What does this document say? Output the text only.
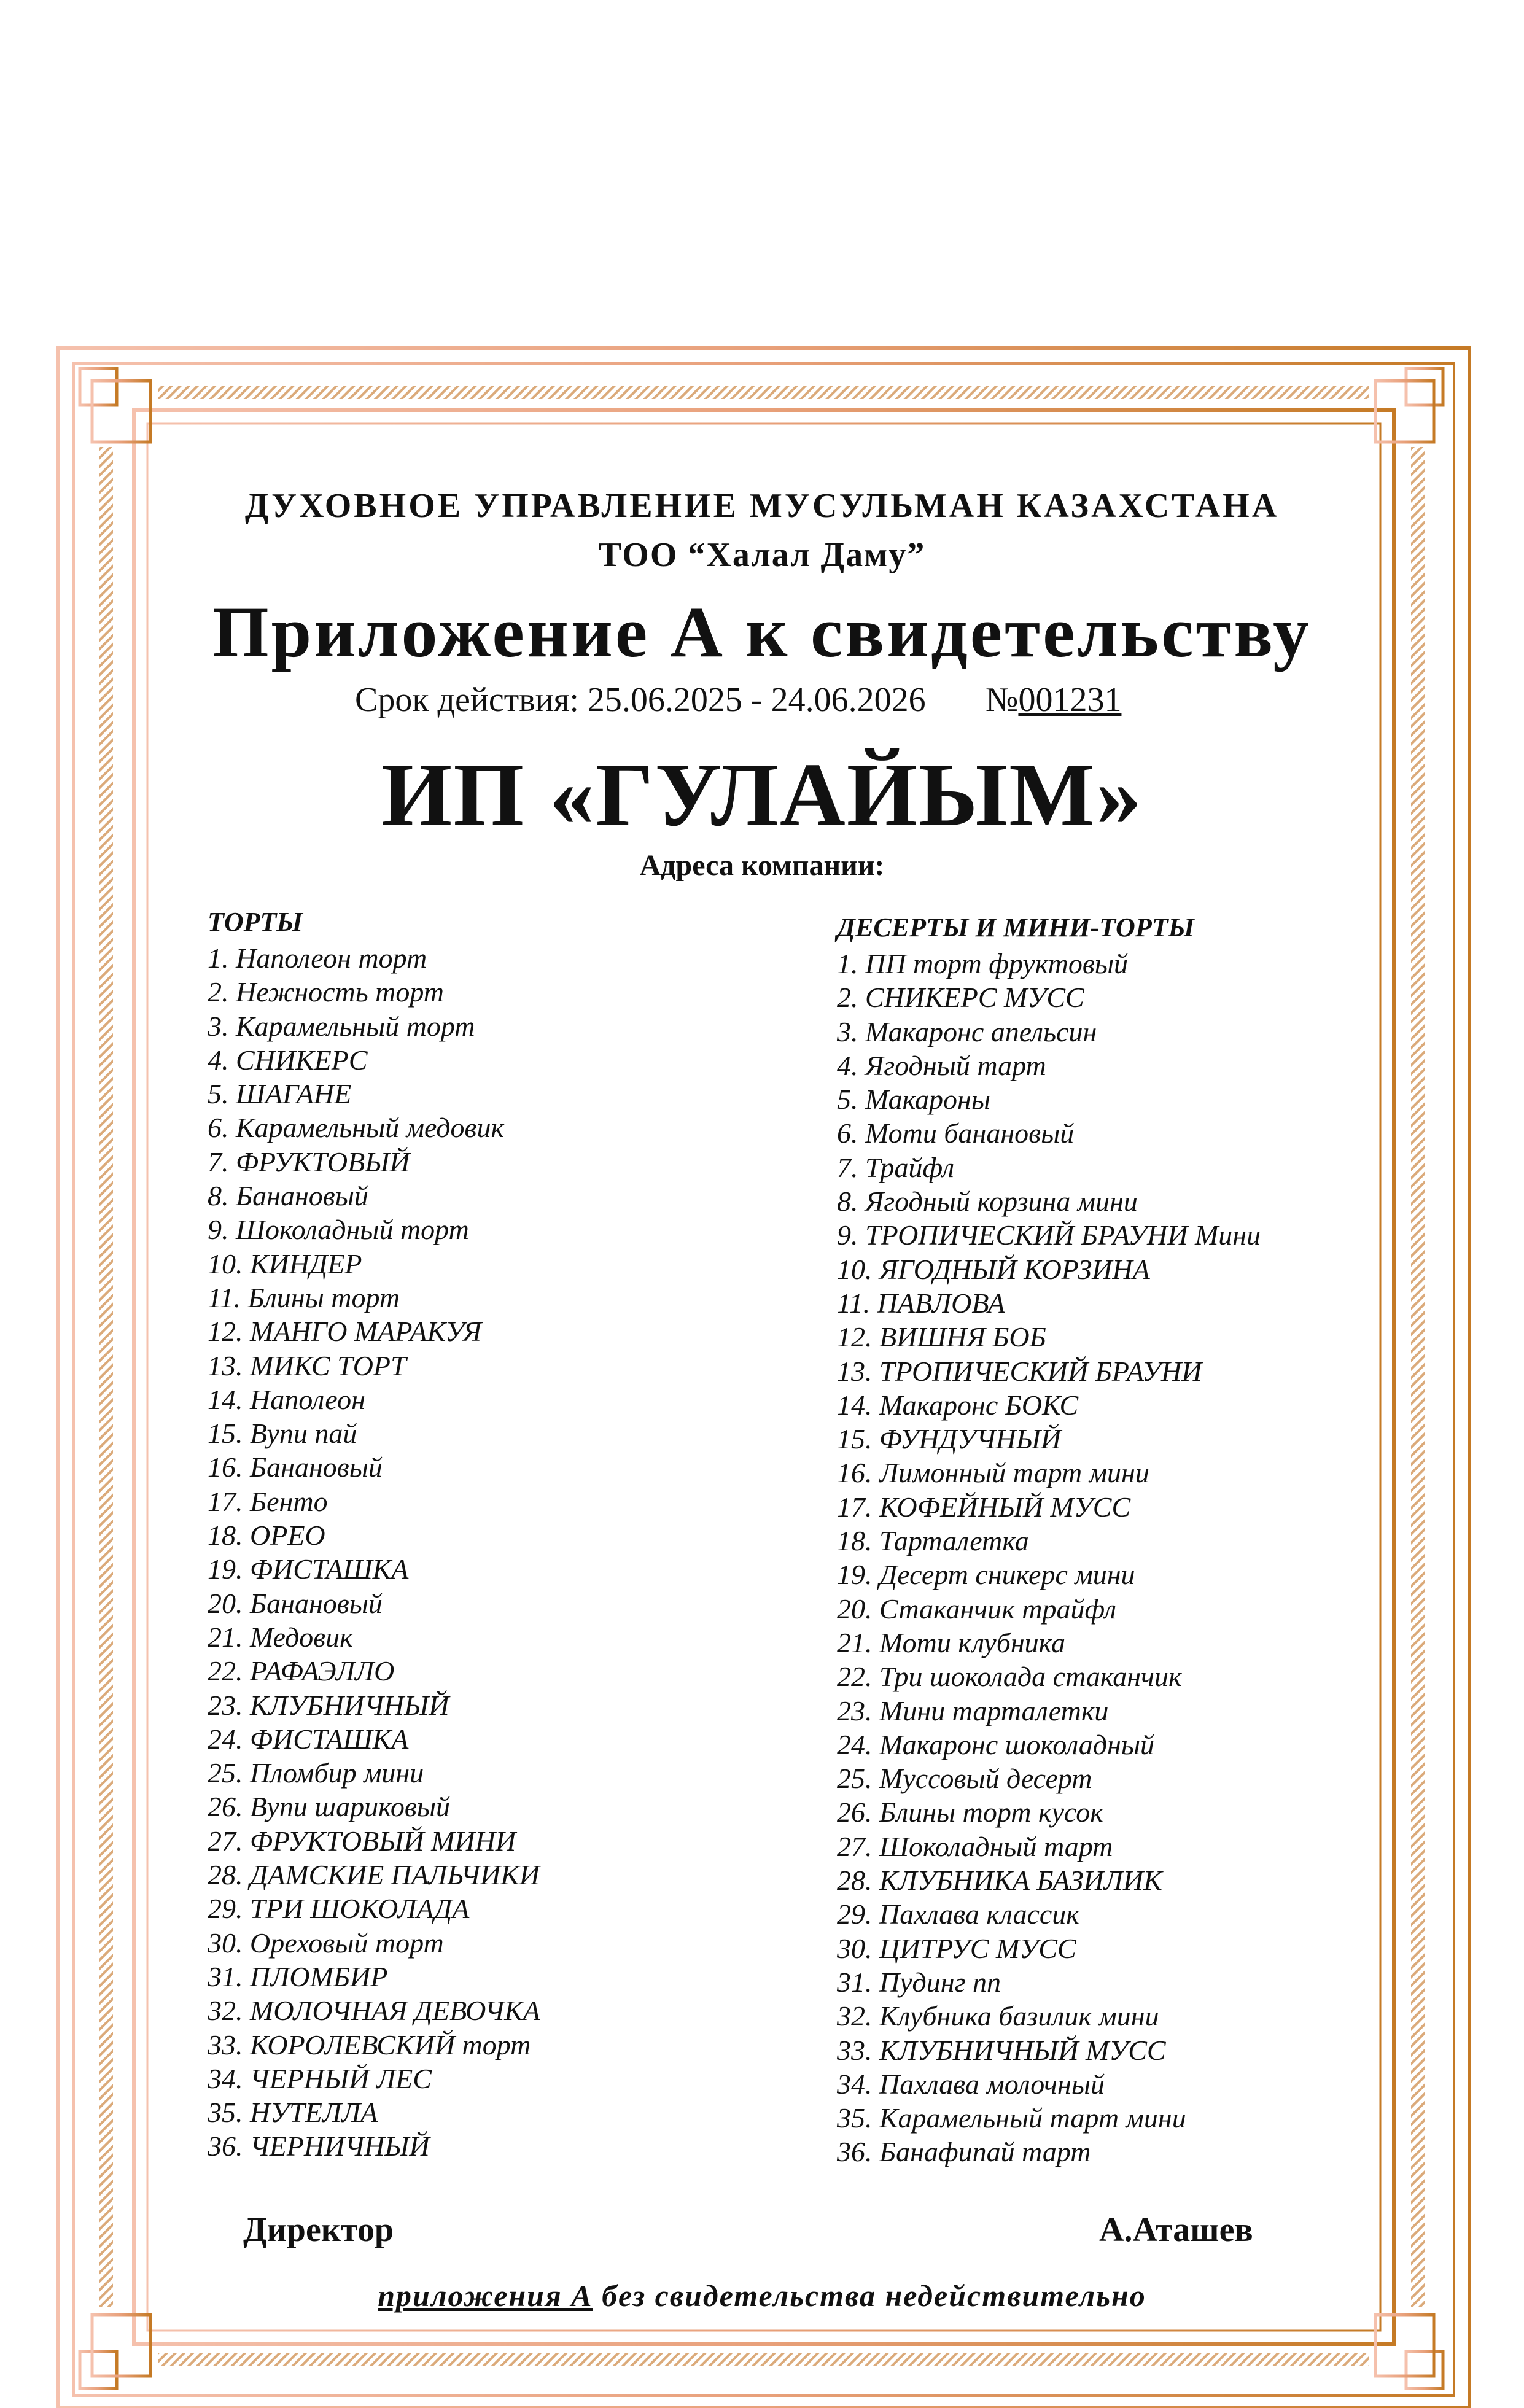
ДУХОВНОЕ УПРАВЛЕНИЕ МУСУЛЬМАН КАЗАХСТАНА
ТОО “Халал Даму”
Приложение А к свидетельству
Срок действия: 25.06.2025 - 24.06.2026 №001231
ИП «ГУЛАЙЫМ»
Адреса компании:
ТОРТЫ
1. Наполеон торт
2. Нежность торт
3. Карамельный торт
4. СНИКЕРС
5. ШАГАНЕ
6. Карамельный медовик
7. ФРУКТОВЫЙ
8. Банановый
9. Шоколадный торт
10. КИНДЕР
11. Блины торт
12. МАНГО МАРАКУЯ
13. МИКС ТОРТ
14. Наполеон
15. Вупи пай
16. Банановый
17. Бенто
18. ОРЕО
19. ФИСТАШКА
20. Банановый
21. Медовик
22. РАФАЭЛЛО
23. КЛУБНИЧНЫЙ
24. ФИСТАШКА
25. Пломбир мини
26. Вупи шариковый
27. ФРУКТОВЫЙ МИНИ
28. ДАМСКИЕ ПАЛЬЧИКИ
29. ТРИ ШОКОЛАДА
30. Ореховый торт
31. ПЛОМБИР
32. МОЛОЧНАЯ ДЕВОЧКА
33. КОРОЛЕВСКИЙ торт
34. ЧЕРНЫЙ ЛЕС
35. НУТЕЛЛА
36. ЧЕРНИЧНЫЙ
ДЕСЕРТЫ И МИНИ-ТОРТЫ
1. ПП торт фруктовый
2. СНИКЕРС МУСС
3. Макаронс апельсин
4. Ягодный тарт
5. Макароны
6. Моти банановый
7. Трайфл
8. Ягодный корзина мини
9. ТРОПИЧЕСКИЙ БРАУНИ Мини
10. ЯГОДНЫЙ КОРЗИНА
11. ПАВЛОВА
12. ВИШНЯ БОБ
13. ТРОПИЧЕСКИЙ БРАУНИ
14. Макаронс БОКС
15. ФУНДУЧНЫЙ
16. Лимонный тарт мини
17. КОФЕЙНЫЙ МУСС
18. Тарталетка
19. Десерт сникерс мини
20. Стаканчик трайфл
21. Моти клубника
22. Три шоколада стаканчик
23. Мини тарталетки
24. Макаронс шоколадный
25. Муссовый десерт
26. Блины торт кусок
27. Шоколадный тарт
28. КЛУБНИКА БАЗИЛИК
29. Пахлава классик
30. ЦИТРУС МУСС
31. Пудинг пп
32. Клубника базилик мини
33. КЛУБНИЧНЫЙ МУСС
34. Пахлава молочный
35. Карамельный тарт мини
36. Банафипай тарт
Директор	А.Аташев
приложения А без свидетельства недействительно
